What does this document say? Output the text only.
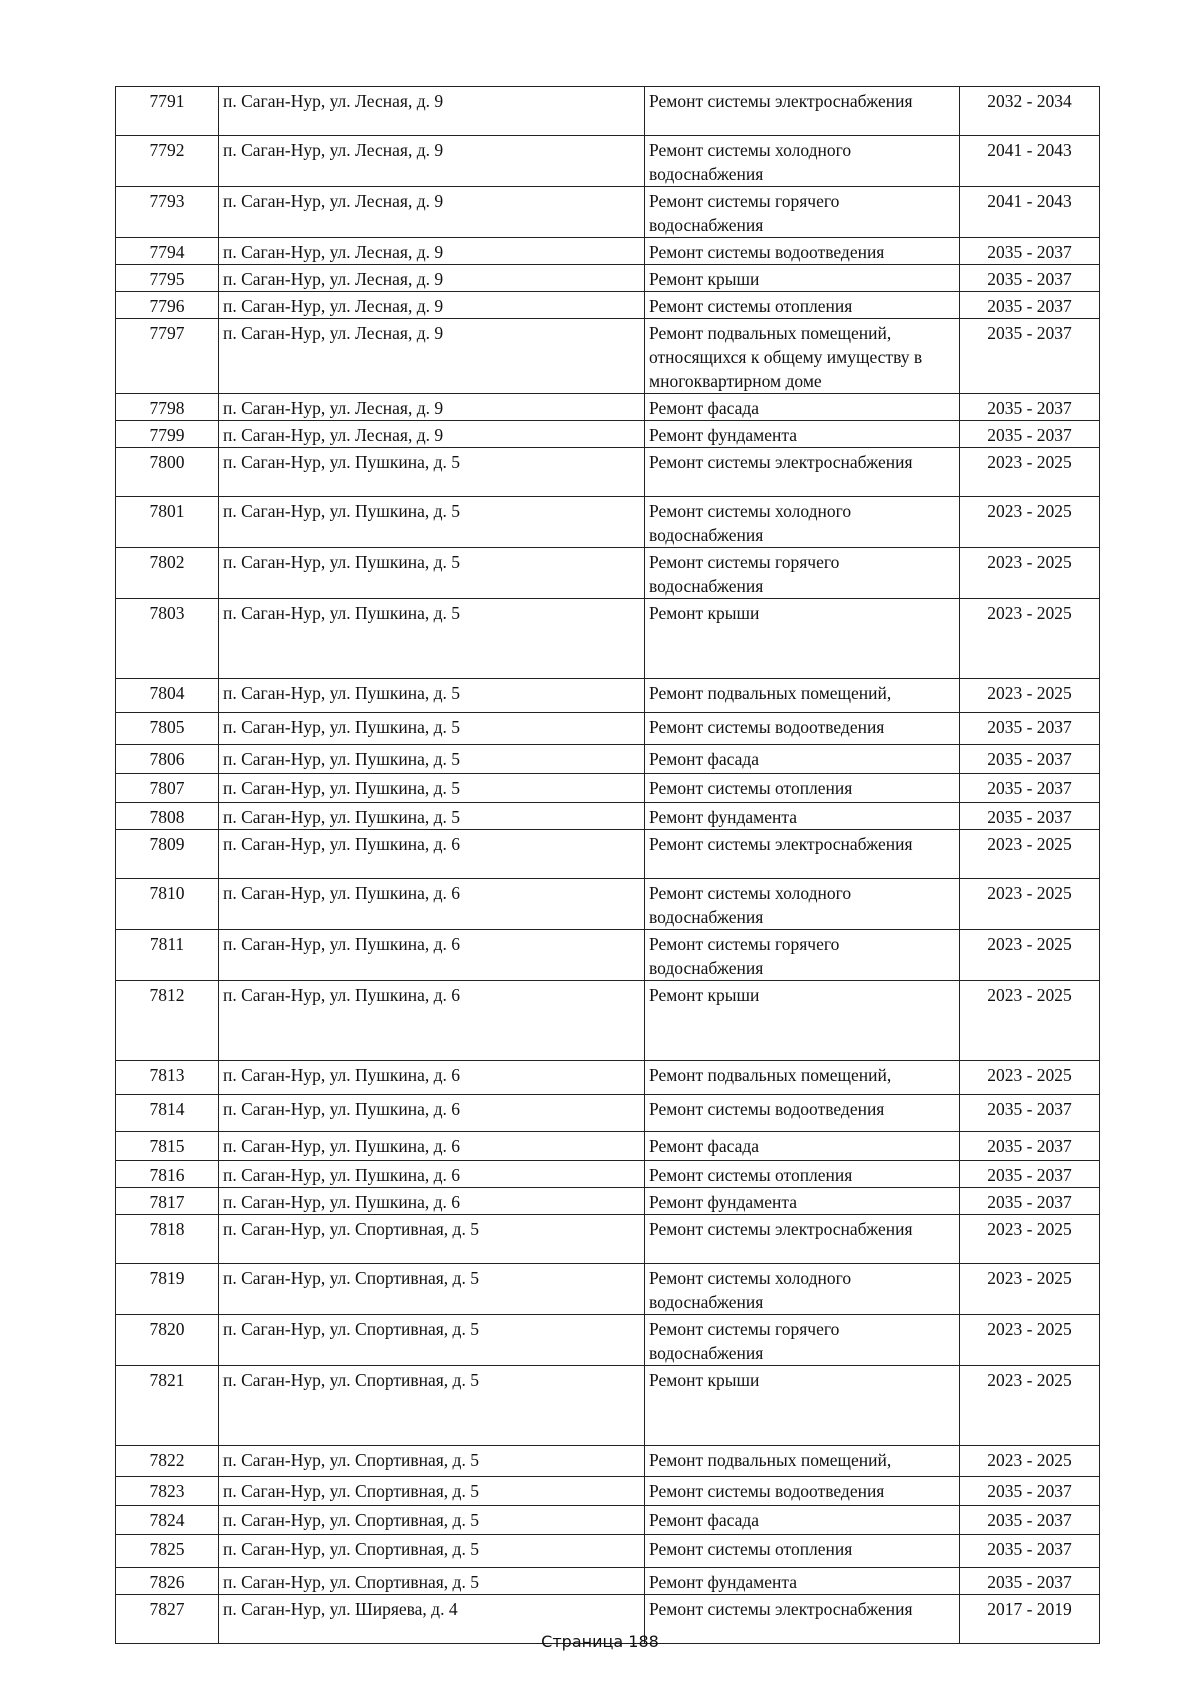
7791	п. Саган-Нур, ул. Лесная, д. 9	Ремонт системы электроснабжения	2032 - 2034
7792	п. Саган-Нур, ул. Лесная, д. 9	Ремонт системы холодного водоснабжения	2041 - 2043
7793	п. Саган-Нур, ул. Лесная, д. 9	Ремонт системы горячего водоснабжения	2041 - 2043
7794	п. Саган-Нур, ул. Лесная, д. 9	Ремонт системы водоотведения	2035 - 2037
7795	п. Саган-Нур, ул. Лесная, д. 9	Ремонт крыши	2035 - 2037
7796	п. Саган-Нур, ул. Лесная, д. 9	Ремонт системы отопления	2035 - 2037
7797	п. Саган-Нур, ул. Лесная, д. 9	Ремонт подвальных помещений, относящихся к общему имуществу в многоквартирном доме	2035 - 2037
7798	п. Саган-Нур, ул. Лесная, д. 9	Ремонт фасада	2035 - 2037
7799	п. Саган-Нур, ул. Лесная, д. 9	Ремонт фундамента	2035 - 2037
7800	п. Саган-Нур, ул. Пушкина, д. 5	Ремонт системы электроснабжения	2023 - 2025
7801	п. Саган-Нур, ул. Пушкина, д. 5	Ремонт системы холодного водоснабжения	2023 - 2025
7802	п. Саган-Нур, ул. Пушкина, д. 5	Ремонт системы горячего водоснабжения	2023 - 2025
7803	п. Саган-Нур, ул. Пушкина, д. 5	Ремонт крыши	2023 - 2025
7804	п. Саган-Нур, ул. Пушкина, д. 5	Ремонт подвальных помещений,	2023 - 2025
7805	п. Саган-Нур, ул. Пушкина, д. 5	Ремонт системы водоотведения	2035 - 2037
7806	п. Саган-Нур, ул. Пушкина, д. 5	Ремонт фасада	2035 - 2037
7807	п. Саган-Нур, ул. Пушкина, д. 5	Ремонт системы отопления	2035 - 2037
7808	п. Саган-Нур, ул. Пушкина, д. 5	Ремонт фундамента	2035 - 2037
7809	п. Саган-Нур, ул. Пушкина, д. 6	Ремонт системы электроснабжения	2023 - 2025
7810	п. Саган-Нур, ул. Пушкина, д. 6	Ремонт системы холодного водоснабжения	2023 - 2025
7811	п. Саган-Нур, ул. Пушкина, д. 6	Ремонт системы горячего водоснабжения	2023 - 2025
7812	п. Саган-Нур, ул. Пушкина, д. 6	Ремонт крыши	2023 - 2025
7813	п. Саган-Нур, ул. Пушкина, д. 6	Ремонт подвальных помещений,	2023 - 2025
7814	п. Саган-Нур, ул. Пушкина, д. 6	Ремонт системы водоотведения	2035 - 2037
7815	п. Саган-Нур, ул. Пушкина, д. 6	Ремонт фасада	2035 - 2037
7816	п. Саган-Нур, ул. Пушкина, д. 6	Ремонт системы отопления	2035 - 2037
7817	п. Саган-Нур, ул. Пушкина, д. 6	Ремонт фундамента	2035 - 2037
7818	п. Саган-Нур, ул. Спортивная, д. 5	Ремонт системы электроснабжения	2023 - 2025
7819	п. Саган-Нур, ул. Спортивная, д. 5	Ремонт системы холодного водоснабжения	2023 - 2025
7820	п. Саган-Нур, ул. Спортивная, д. 5	Ремонт системы горячего водоснабжения	2023 - 2025
7821	п. Саган-Нур, ул. Спортивная, д. 5	Ремонт крыши	2023 - 2025
7822	п. Саган-Нур, ул. Спортивная, д. 5	Ремонт подвальных помещений,	2023 - 2025
7823	п. Саган-Нур, ул. Спортивная, д. 5	Ремонт системы водоотведения	2035 - 2037
7824	п. Саган-Нур, ул. Спортивная, д. 5	Ремонт фасада	2035 - 2037
7825	п. Саган-Нур, ул. Спортивная, д. 5	Ремонт системы отопления	2035 - 2037
7826	п. Саган-Нур, ул. Спортивная, д. 5	Ремонт фундамента	2035 - 2037
7827	п. Саган-Нур, ул. Ширяева, д. 4	Ремонт системы электроснабжения	2017 - 2019
Страница 188
